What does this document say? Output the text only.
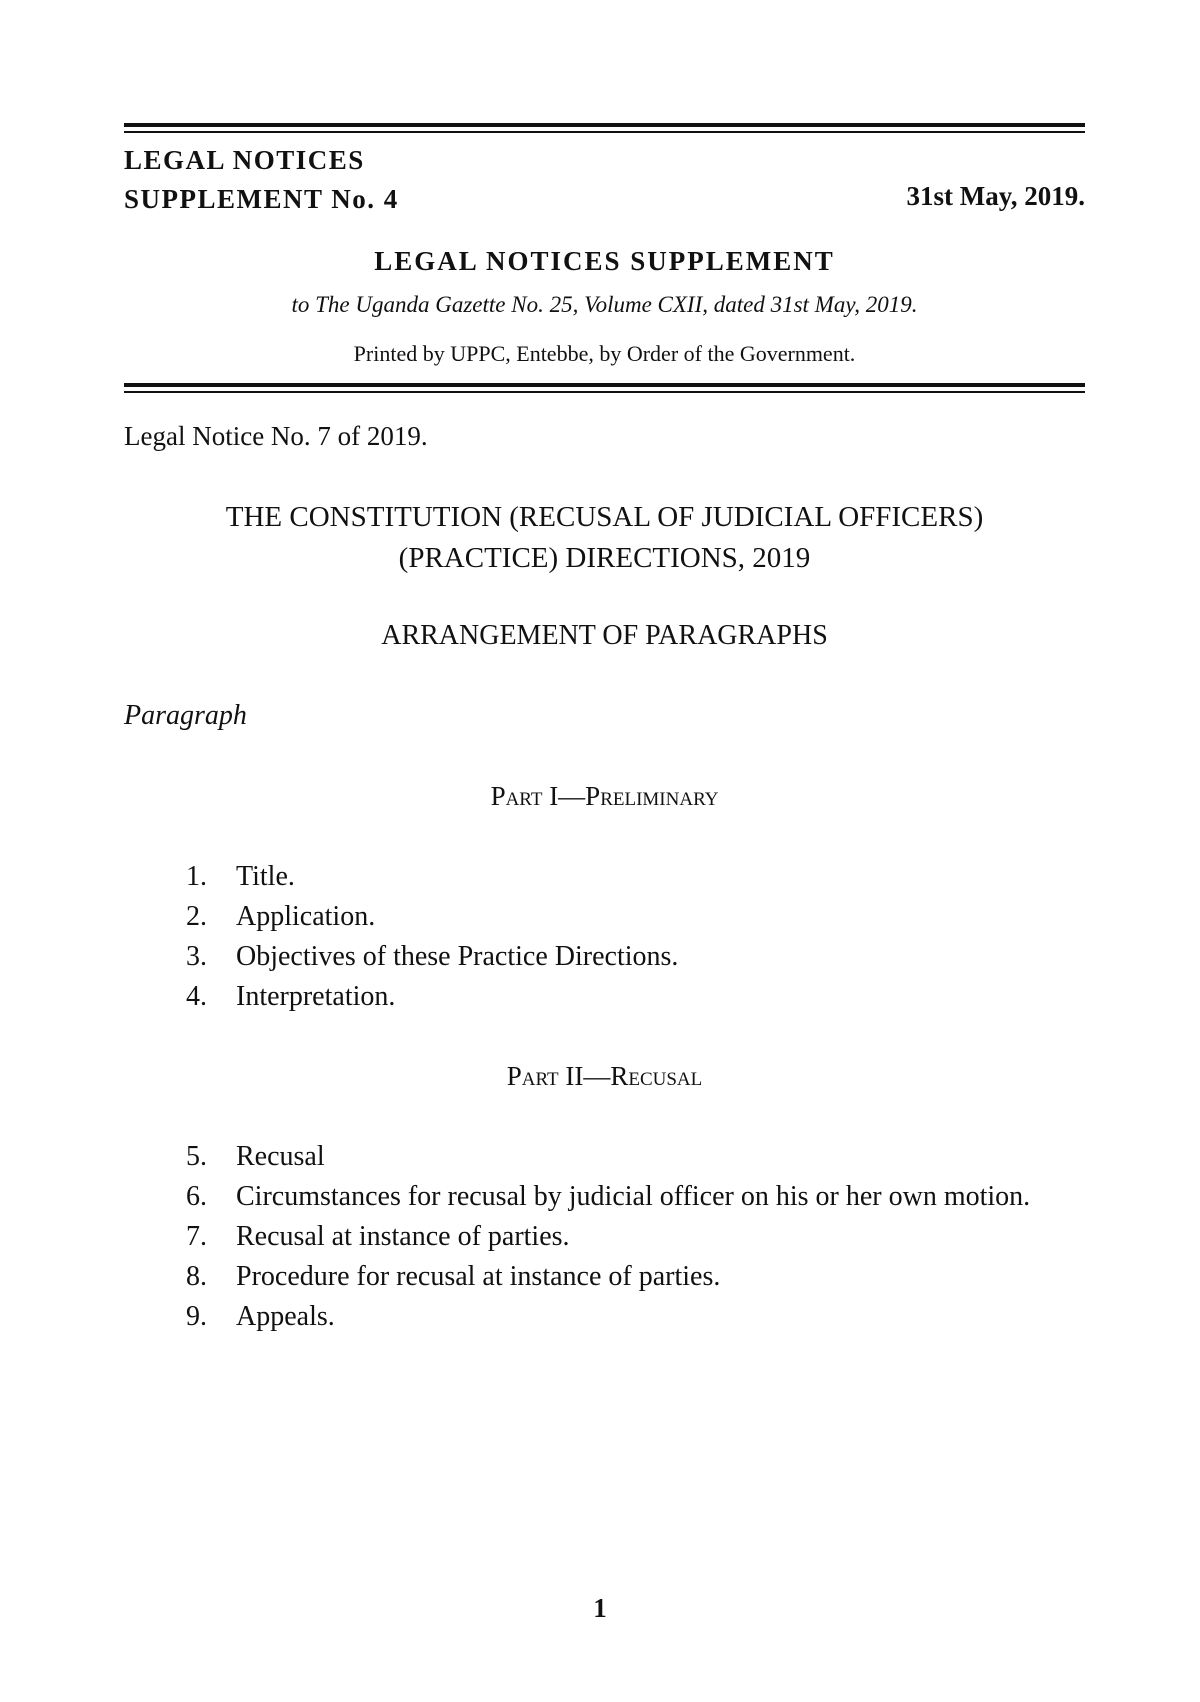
LEGAL NOTICES
SUPPLEMENT No. 4	31st May, 2019.
LEGAL NOTICES SUPPLEMENT
to The Uganda Gazette No. 25, Volume CXII, dated 31st May, 2019.
Printed by UPPC, Entebbe, by Order of the Government.
Legal Notice No. 7 of 2019.
THE CONSTITUTION (RECUSAL OF JUDICIAL OFFICERS)
(PRACTICE) DIRECTIONS, 2019
ARRANGEMENT OF PARAGRAPHS
Paragraph
Part I—Preliminary
1.	Title.
2.	Application.
3.	Objectives of these Practice Directions.
4.	Interpretation.
Part II—Recusal
5.	Recusal
6.	Circumstances for recusal by judicial officer on his or her own motion.
7.	Recusal at instance of parties.
8.	Procedure for recusal at instance of parties.
9.	Appeals.
1
